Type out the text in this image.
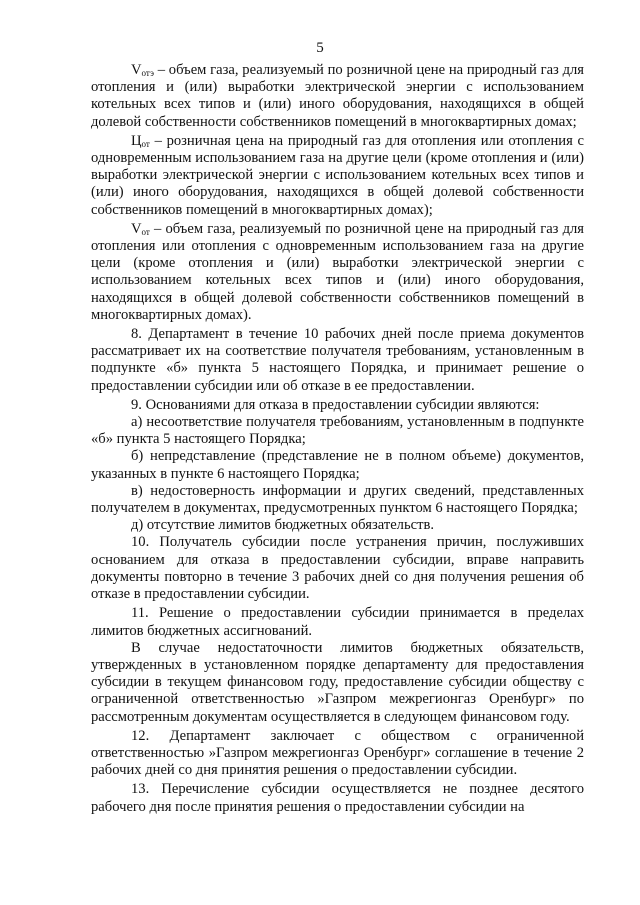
5

$V_{отэ}$ – объем газа, реализуемый по розничной цене на природный газ для отопления и (или) выработки электрической энергии с использованием котельных всех типов и (или) иного оборудования, находящихся в общей долевой собственности собственников помещений в многоквартирных домах;

$Ц_{от}$ – розничная цена на природный газ для отопления или отопления с одновременным использованием газа на другие цели (кроме отопления и (или) выработки электрической энергии с использованием котельных всех типов и (или) иного оборудования, находящихся в общей долевой собственности собственников помещений в многоквартирных домах);

$V_{от}$ – объем газа, реализуемый по розничной цене на природный газ для отопления или отопления с одновременным использованием газа на другие цели (кроме отопления и (или) выработки электрической энергии с использованием котельных всех типов и (или) иного оборудования, находящихся в общей долевой собственности собственников помещений в многоквартирных домах).

8. Департамент в течение 10 рабочих дней после приема документов рассматривает их на соответствие получателя требованиям, установленным в подпункте «б» пункта 5 настоящего Порядка, и принимает решение о предоставлении субсидии или об отказе в ее предоставлении.

9. Основаниями для отказа в предоставлении субсидии являются:

а) несоответствие получателя требованиям, установленным в подпункте «б» пункта 5 настоящего Порядка;

б) непредставление (представление не в полном объеме) документов, указанных в пункте 6 настоящего Порядка;

в) недостоверность информации и других сведений, представленных получателем в документах, предусмотренных пунктом 6 настоящего Порядка;

д) отсутствие лимитов бюджетных обязательств.

10. Получатель субсидии после устранения причин, послуживших основанием для отказа в предоставлении субсидии, вправе направить документы повторно в течение 3 рабочих дней со дня получения решения об отказе в предоставлении субсидии.

11. Решение о предоставлении субсидии принимается в пределах лимитов бюджетных ассигнований.

В случае недостаточности лимитов бюджетных обязательств, утвержденных в установленном порядке департаменту для предоставления субсидии в текущем финансовом году, предоставление субсидии обществу с ограниченной ответственностью »Газпром межрегионгаз Оренбург» по рассмотренным документам осуществляется в следующем финансовом году.

12. Департамент заключает с обществом с ограниченной ответственностью »Газпром межрегионгаз Оренбург» соглашение в течение 2 рабочих дней со дня принятия решения о предоставлении субсидии.

13. Перечисление субсидии осуществляется не позднее десятого рабочего дня после принятия решения о предоставлении субсидии на
